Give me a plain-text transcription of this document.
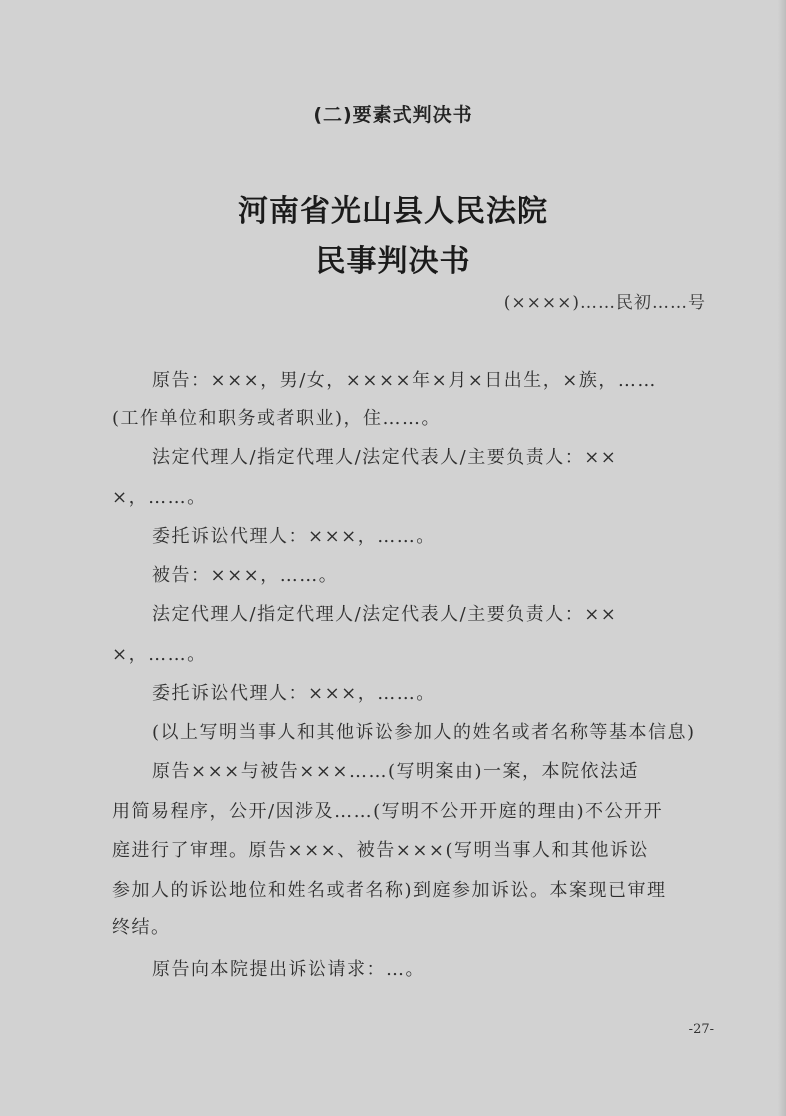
(二)要素式判决书
河南省光山县人民法院
民事判决书
(××××)……民初……号
原告：×××，男/女，××××年×月×日出生，×族，……
(工作单位和职务或者职业)，住……。
法定代理人/指定代理人/法定代表人/主要负责人：××
×，……。
委托诉讼代理人：×××，……。
被告：×××，……。
法定代理人/指定代理人/法定代表人/主要负责人：××
×，……。
委托诉讼代理人：×××，……。
(以上写明当事人和其他诉讼参加人的姓名或者名称等基本信息)
原告×××与被告×××……(写明案由)一案，本院依法适
用简易程序，公开/因涉及……(写明不公开开庭的理由)不公开开
庭进行了审理。原告×××、被告×××(写明当事人和其他诉讼
参加人的诉讼地位和姓名或者名称)到庭参加诉讼。本案现已审理
终结。
原告向本院提出诉讼请求：…。
-27-
